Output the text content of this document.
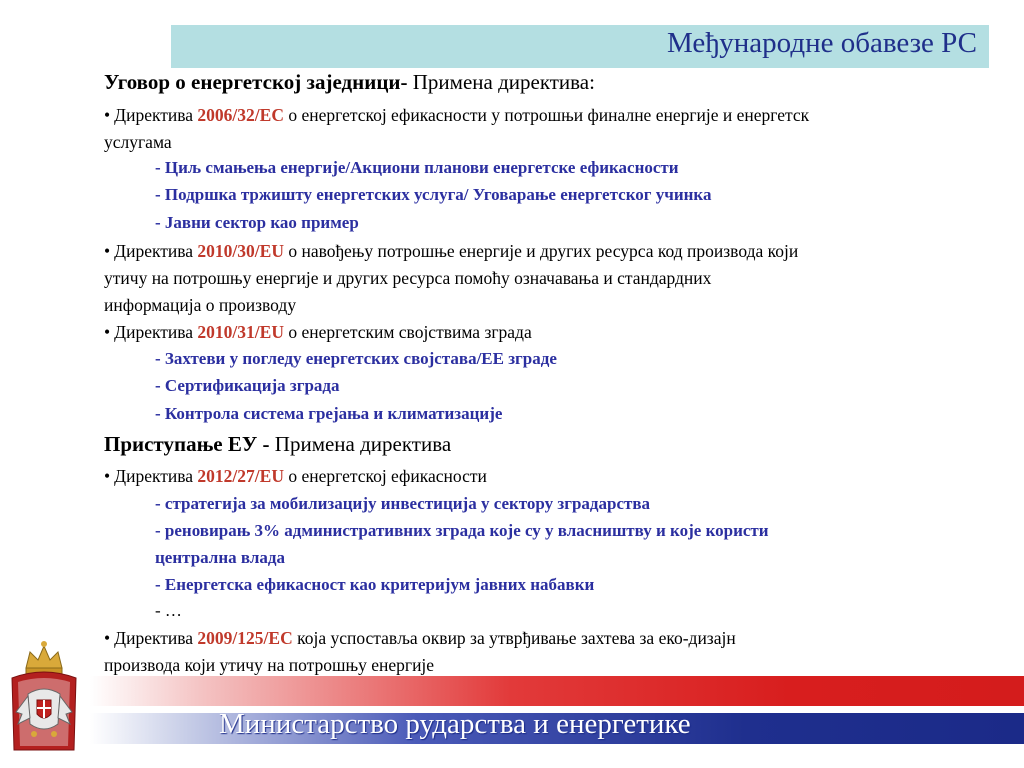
Међународне обавезе РС
Уговор о енергетској заједници- Примена директива:
• Директива 2006/32/ЕС о енергетској ефикасности у потрошњи финалне енергије и енергетск
услугама
- Циљ смањења енергије/Акциони планови енергетске ефикасности
- Подршка тржишту енергетских услуга/ Уговарање енергетског учинка
- Јавни сектор као пример
• Директива 2010/30/EU о навођењу потрошње енергије и других ресурса код производа који
утичу на потрошњу енергије и других ресурса помоћу означавања и стандардних
информација о производу
• Директива 2010/31/EU о енергетским својствима зграда
- Захтеви у погледу енергетских својстава/ЕЕ зграде
- Сертификација зграда
- Контрола система грејања и климатизације
Приступање ЕУ - Примена директива
• Директива 2012/27/EU о енергетској ефикасности
- стратегија за мобилизацију инвестиција у сектору зградарства
- реновирањ 3% административних зграда које су у власништву и које користи
централна влада
- Енергетска ефикасност као критеријум јавних набавки
- …
• Директива 2009/125/ЕС која успоставља оквир за утврђивање захтева за еко-дизајн
производа који утичу на потрошњу енергије
Министарство рударства и енергетике
